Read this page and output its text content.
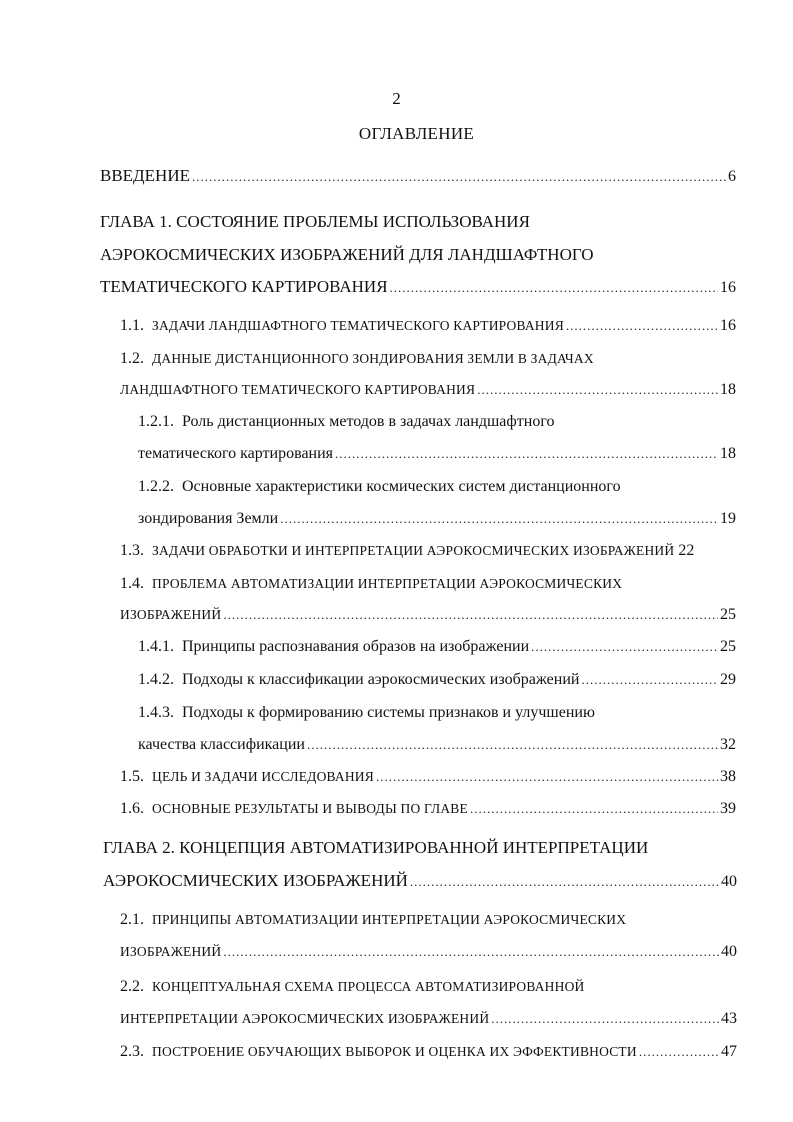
2
ОГЛАВЛЕНИЕ
ВВЕДЕНИЕ .....	6
ГЛАВА 1. СОСТОЯНИЕ ПРОБЛЕМЫ ИСПОЛЬЗОВАНИЯ
АЭРОКОСМИЧЕСКИХ ИЗОБРАЖЕНИЙ ДЛЯ ЛАНДШАФТНОГО
ТЕМАТИЧЕСКОГО КАРТИРОВАНИЯ .....	16
1.1. ЗАДАЧИ ЛАНДШАФТНОГО ТЕМАТИЧЕСКОГО КАРТИРОВАНИЯ .....	16
1.2. ДАННЫЕ ДИСТАНЦИОННОГО ЗОНДИРОВАНИЯ ЗЕМЛИ В ЗАДАЧАХ
ЛАНДШАФТНОГО ТЕМАТИЧЕСКОГО КАРТИРОВАНИЯ .....	18
1.2.1. Роль дистанционных методов в задачах ландшафтного
тематического картирования .....	18
1.2.2. Основные характеристики космических систем дистанционного
зондирования Земли .....	19
1.3. ЗАДАЧИ ОБРАБОТКИ И ИНТЕРПРЕТАЦИИ АЭРОКОСМИЧЕСКИХ ИЗОБРАЖЕНИЙ 22
1.4. ПРОБЛЕМА АВТОМАТИЗАЦИИ ИНТЕРПРЕТАЦИИ АЭРОКОСМИЧЕСКИХ
ИЗОБРАЖЕНИЙ .....	25
1.4.1. Принципы распознавания образов на изображении .....	25
1.4.2. Подходы к классификации аэрокосмических изображений .....	29
1.4.3. Подходы к формированию системы признаков и улучшению
качества классификации .....	32
1.5. ЦЕЛЬ И ЗАДАЧИ ИССЛЕДОВАНИЯ .....	38
1.6. ОСНОВНЫЕ РЕЗУЛЬТАТЫ И ВЫВОДЫ ПО ГЛАВЕ .....	39
ГЛАВА 2. КОНЦЕПЦИЯ АВТОМАТИЗИРОВАННОЙ ИНТЕРПРЕТАЦИИ
АЭРОКОСМИЧЕСКИХ ИЗОБРАЖЕНИЙ .....	40
2.1. ПРИНЦИПЫ АВТОМАТИЗАЦИИ ИНТЕРПРЕТАЦИИ АЭРОКОСМИЧЕСКИХ
ИЗОБРАЖЕНИЙ .....	40
2.2. КОНЦЕПТУАЛЬНАЯ СХЕМА ПРОЦЕССА АВТОМАТИЗИРОВАННОЙ
ИНТЕРПРЕТАЦИИ АЭРОКОСМИЧЕСКИХ ИЗОБРАЖЕНИЙ .....	43
2.3. ПОСТРОЕНИЕ ОБУЧАЮЩИХ ВЫБОРОК И ОЦЕНКА ИХ ЭФФЕКТИВНОСТИ .....	47
